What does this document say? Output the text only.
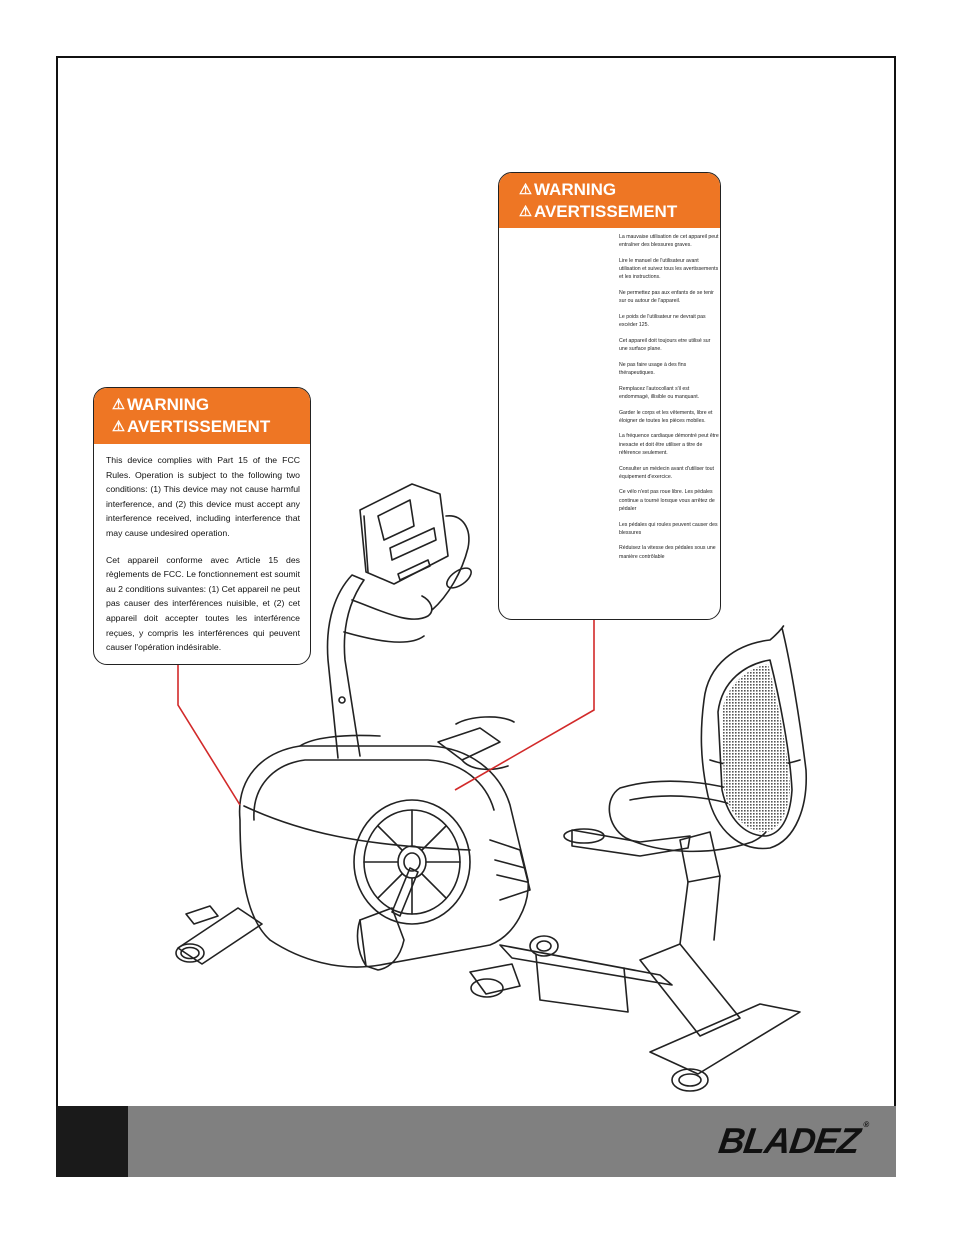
⚠ WARNING
⚠ AVERTISSEMENT

This device complies with Part 15 of the FCC Rules. Operation is subject to the following two conditions: (1) This device may not cause harmful interference, and (2) this device must accept any interference received, including interference that may cause undesired operation.

Cet appareil conforme avec Article 15 des règlements de FCC. Le fonctionnement est soumit au 2 conditions suivantes: (1) Cet appareil ne peut pas causer des interférences nuisible, et (2) cet appareil doit accepter toutes les interférence reçues, y compris les interférences qui peuvent causer l'opération indésirable.

⚠ WARNING
⚠ AVERTISSEMENT

La mauvaise utilisation de cet appareil peut entraîner des blessures graves.

Lire le manuel de l'utilisateur avant utilisation et suivez tous les avertissements et les instructions.

Ne permettez pas aux enfants de se tenir sur ou autour de l'appareil.

Le poids de l'utilisateur ne devrait pas excéder 125.

Cet appareil doit toujours etre utilisé sur une surface plane.

Ne pas faire usage à des fins thérapeutiques.

Remplacez l'autocollant s'il est endommagé, illisible ou manquant.

Garder le corps et les vêtements, libre et éloigner de toutes les pièces mobiles.

La fréquence cardiaque démontré peut être inexacte et doit être utiliser a titre de référence seulement.

Consulter un médecin avant d'utiliser tout équipement d'exercice.

Ce vélo n'est pas roue libre. Les pédales continue a tourné lorsque vous arrêtez de pédaler

Les pédales qui roules peuvent causer des blessures

Réduisez la vitesse des pédales sous une manière contrôlable

BLADEZ®
